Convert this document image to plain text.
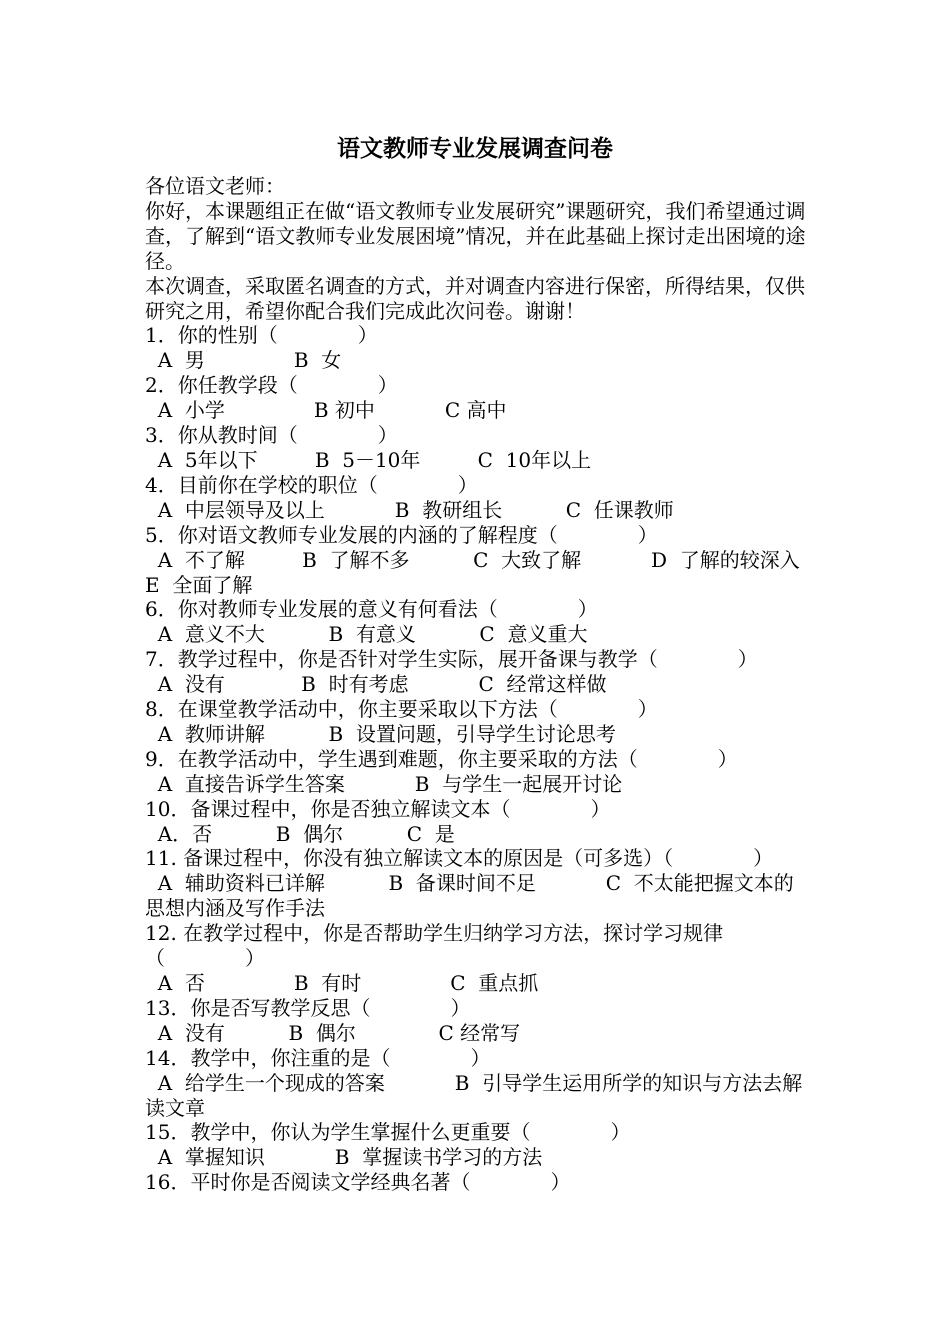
语文教师专业发展调查问卷

各位语文老师：

你好，本课题组正在做“语文教师专业发展研究”课题研究，我们希望通过调查，了解到“语文教师专业发展困境”情况，并在此基础上探讨走出困境的途径。

本次调查，采取匿名调查的方式，并对调查内容进行保密，所得结果，仅供研究之用，希望你配合我们完成此次问卷。谢谢！

1．你的性别（　　　　）

A  男              B  女

2．你任教学段（　　　　）

A  小学              B 初中           C 高中

3．你从教时间（　　　　）

A  5年以下         B  5－10年         C  10年以上

4．目前你在学校的职位（　　　　）

A  中层领导及以上           B  教研组长          C  任课教师

5．你对语文教师专业发展的内涵的了解程度（　　　　）

A  不了解         B  了解不多          C  大致了解           D  了解的较深入       E  全面了解

6．你对教师专业发展的意义有何看法（　　　　）

A  意义不大          B  有意义          C  意义重大

7．教学过程中，你是否针对学生实际，展开备课与教学（　　　　）

A  没有            B  时有考虑           C  经常这样做

8．在课堂教学活动中，你主要采取以下方法（　　　　）

A  教师讲解          B  设置问题，引导学生讨论思考

9．在教学活动中，学生遇到难题，你主要采取的方法（　　　　）

A  直接告诉学生答案           B  与学生一起展开讨论

10．备课过程中，你是否独立解读文本（　　　　）

A．否          B  偶尔          C  是

11. 备课过程中，你没有独立解读文本的原因是（可多选）（　　　　）

A  辅助资料已详解          B  备课时间不足           C  不太能把握文本的思想内涵及写作手法

12. 在教学过程中，你是否帮助学生归纳学习方法，探讨学习规律（　　　　）

A  否              B  有时              C  重点抓

13．你是否写教学反思（　　　　）

A  没有          B  偶尔             C 经常写

14．教学中，你注重的是（　　　　）

A  给学生一个现成的答案           B  引导学生运用所学的知识与方法去解读文章

15．教学中，你认为学生掌握什么更重要（　　　　）

A  掌握知识           B  掌握读书学习的方法

16．平时你是否阅读文学经典名著（　　　　）
